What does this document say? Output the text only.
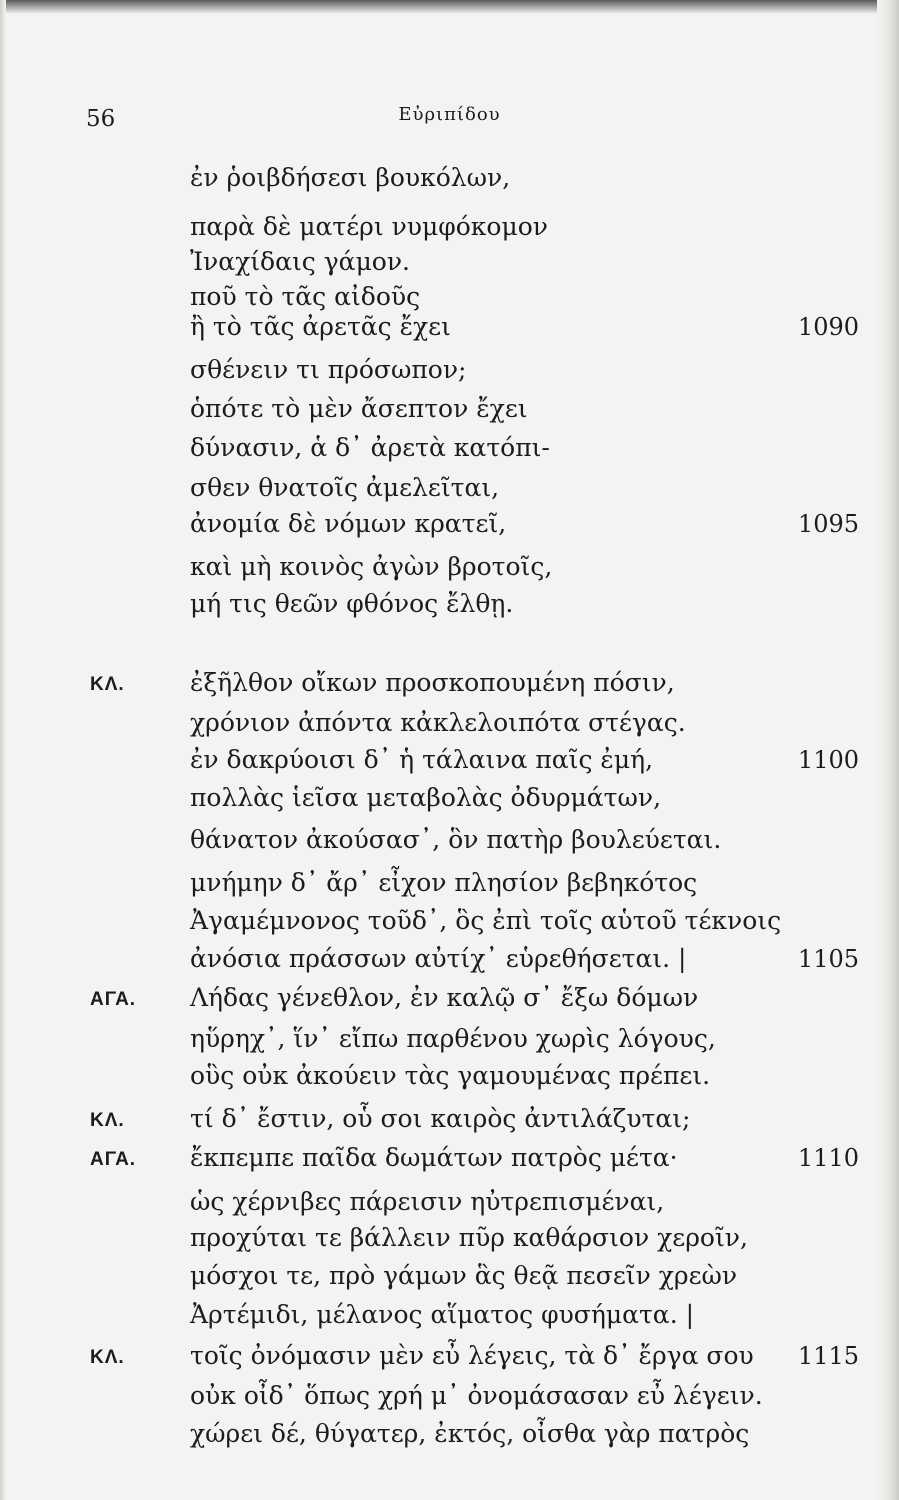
56	Εὐριπίδου
ἐν ῥοιβδήσεσι βουκόλων,
παρὰ δὲ ματέρι νυμφόκομον
Ἰναχίδαις γάμον.
ποῦ τὸ τᾶς αἰδοῦς
ἢ τὸ τᾶς ἀρετᾶς ἔχει	1090
σθένειν τι πρόσωπον;
ὁπότε τὸ μὲν ἄσεπτον ἔχει
δύνασιν, ἁ δ᾿ ἀρετὰ κατόπι-
σθεν θνατοῖς ἀμελεῖται,
ἀνομία δὲ νόμων κρατεῖ,	1095
καὶ μὴ κοινὸς ἀγὼν βροτοῖς,
μή τις θεῶν φθόνος ἔλθῃ.
ΚΛ.	ἐξῆλθον οἴκων προσκοπουμένη πόσιν,
χρόνιον ἀπόντα κἀκλελοιπότα στέγας.
ἐν δακρύοισι δ᾿ ἡ τάλαινα παῖς ἐμή,	1100
πολλὰς ἱεῖσα μεταβολὰς ὀδυρμάτων,
θάνατον ἀκούσασ᾿, ὃν πατὴρ βουλεύεται.
μνήμην δ᾿ ἄρ᾿ εἶχον πλησίον βεβηκότος
Ἀγαμέμνονος τοῦδ᾿, ὃς ἐπὶ τοῖς αὑτοῦ τέκνοις
ἀνόσια πράσσων αὐτίχ᾿ εὑρεθήσεται. |	1105
ΑΓΑ. Λήδας γένεθλον, ἐν καλῷ σ᾿ ἔξω δόμων
ηὕρηχ᾿, ἵν᾿ εἴπω παρθένου χωρὶς λόγους,
οὓς οὐκ ἀκούειν τὰς γαμουμένας πρέπει.
ΚΛ.	τί δ᾿ ἔστιν, οὗ σοι καιρὸς ἀντιλάζυται;
ΑΓΑ. ἔκπεμπε παῖδα δωμάτων πατρὸς μέτα·	1110
ὡς χέρνιβες πάρεισιν ηὐτρεπισμέναι,
προχύται τε βάλλειν πῦρ καθάρσιον χεροῖν,
μόσχοι τε, πρὸ γάμων ἃς θεᾷ πεσεῖν χρεὼν
Ἀρτέμιδι, μέλανος αἵματος φυσήματα. |
ΚΛ.	τοῖς ὀνόμασιν μὲν εὖ λέγεις, τὰ δ᾿ ἔργα σου 1115
οὐκ οἶδ᾿ ὅπως χρή μ᾿ ὀνομάσασαν εὖ λέγειν.
χώρει δέ, θύγατερ, ἐκτός, οἶσθα γὰρ πατρὸς
